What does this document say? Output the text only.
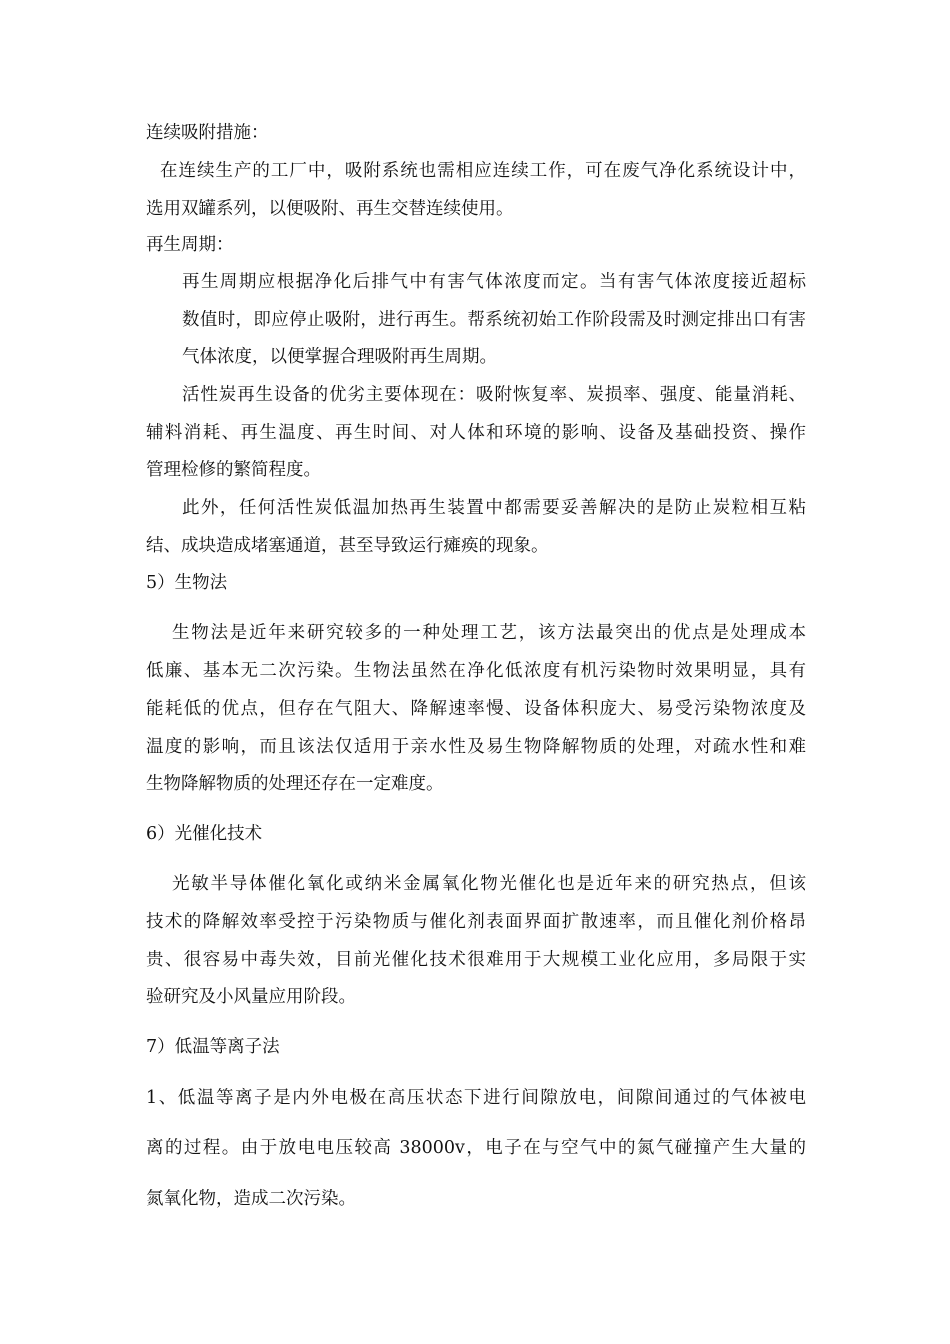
连续吸附措施：

在连续生产的工厂中，吸附系统也需相应连续工作，可在废气净化系统设计中，

选用双罐系列，以便吸附、再生交替连续使用。

再生周期：

再生周期应根据净化后排气中有害气体浓度而定。当有害气体浓度接近超标

数值时，即应停止吸附，进行再生。帮系统初始工作阶段需及时测定排出口有害

气体浓度，以便掌握合理吸附再生周期。

活性炭再生设备的优劣主要体现在：吸附恢复率、炭损率、强度、能量消耗、

辅料消耗、再生温度、再生时间、对人体和环境的影响、设备及基础投资、操作

管理检修的繁简程度。

此外，任何活性炭低温加热再生装置中都需要妥善解决的是防止炭粒相互粘

结、成块造成堵塞通道，甚至导致运行瘫痪的现象。

5）生物法

生物法是近年来研究较多的一种处理工艺，该方法最突出的优点是处理成本

低廉、基本无二次污染。生物法虽然在净化低浓度有机污染物时效果明显，具有

能耗低的优点，但存在气阻大、降解速率慢、设备体积庞大、易受污染物浓度及

温度的影响，而且该法仅适用于亲水性及易生物降解物质的处理，对疏水性和难

生物降解物质的处理还存在一定难度。

6）光催化技术

光敏半导体催化氧化或纳米金属氧化物光催化也是近年来的研究热点，但该

技术的降解效率受控于污染物质与催化剂表面界面扩散速率，而且催化剂价格昂

贵、很容易中毒失效，目前光催化技术很难用于大规模工业化应用，多局限于实

验研究及小风量应用阶段。

7）低温等离子法

1、低温等离子是内外电极在高压状态下进行间隙放电，间隙间通过的气体被电

离的过程。由于放电电压较高 38000v，电子在与空气中的氮气碰撞产生大量的

氮氧化物，造成二次污染。
